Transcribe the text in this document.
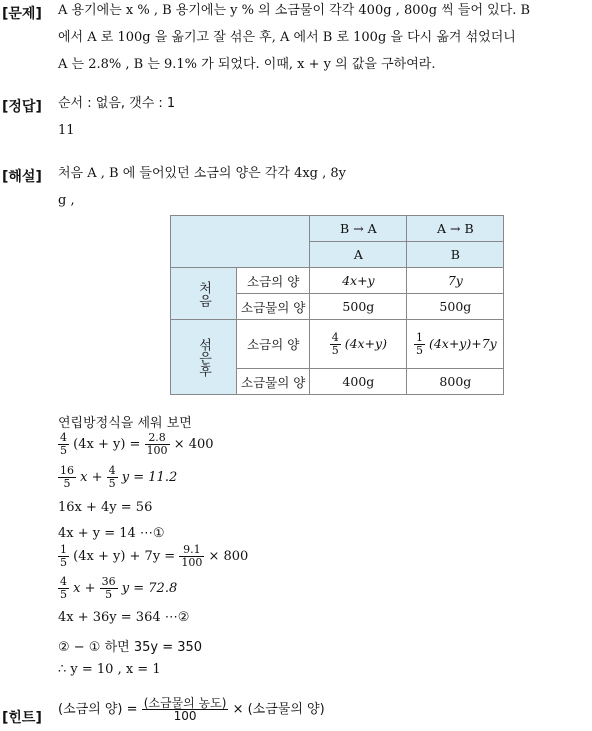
[문제] A 용기에는 x % , B 용기에는 y % 의 소금물이 각각 400g , 800g 씩 들어 있다. B
에서 A 로 100g 을 옮기고 잘 섞은 후, A 에서 B 로 100g 을 다시 옮겨 섞었더니
A 는 2.8% , B 는 9.1% 가 되었다. 이때, x + y 의 값을 구하여라.
[정답] 순서 : 없음, 갯수 : 1
11
[해설] 처음 A , B 에 들어있던 소금의 양은 각각 4xg , 8y
g ,
		B → A	A → B
		A	B
처음	소금의 양	4x+y	7y
	소금물의 양	500g	500g
섞은후	소금의 양	$\frac{4}{5} (4x+y)$	$\frac{1}{5} (4x+y)+7y$
	소금물의 양	400g	800g
연립방정식을 세워 보면
$\frac{4}{5} (4x + y) = \frac{2.8}{100} \times 400$
$\frac{16}{5}$ $x + \frac{4}{5}$ y = 11.2
16x + 4y = 56
4x + y = 14 ⋯①
$\frac{1}{5} (4x + y) + 7y = \frac{9.1}{100} \times 800$
$\frac{4}{5}$ $x + \frac{36}{5}$ y = 72.8
4x + 36y = 364 ⋯②
② − ① 하면 35y = 350
∴ y = 10 , x = 1
[힌트]
(소금의 양) = $\frac{\text{(소금물의 농도)}}{100}$ × (소금물의 양)
